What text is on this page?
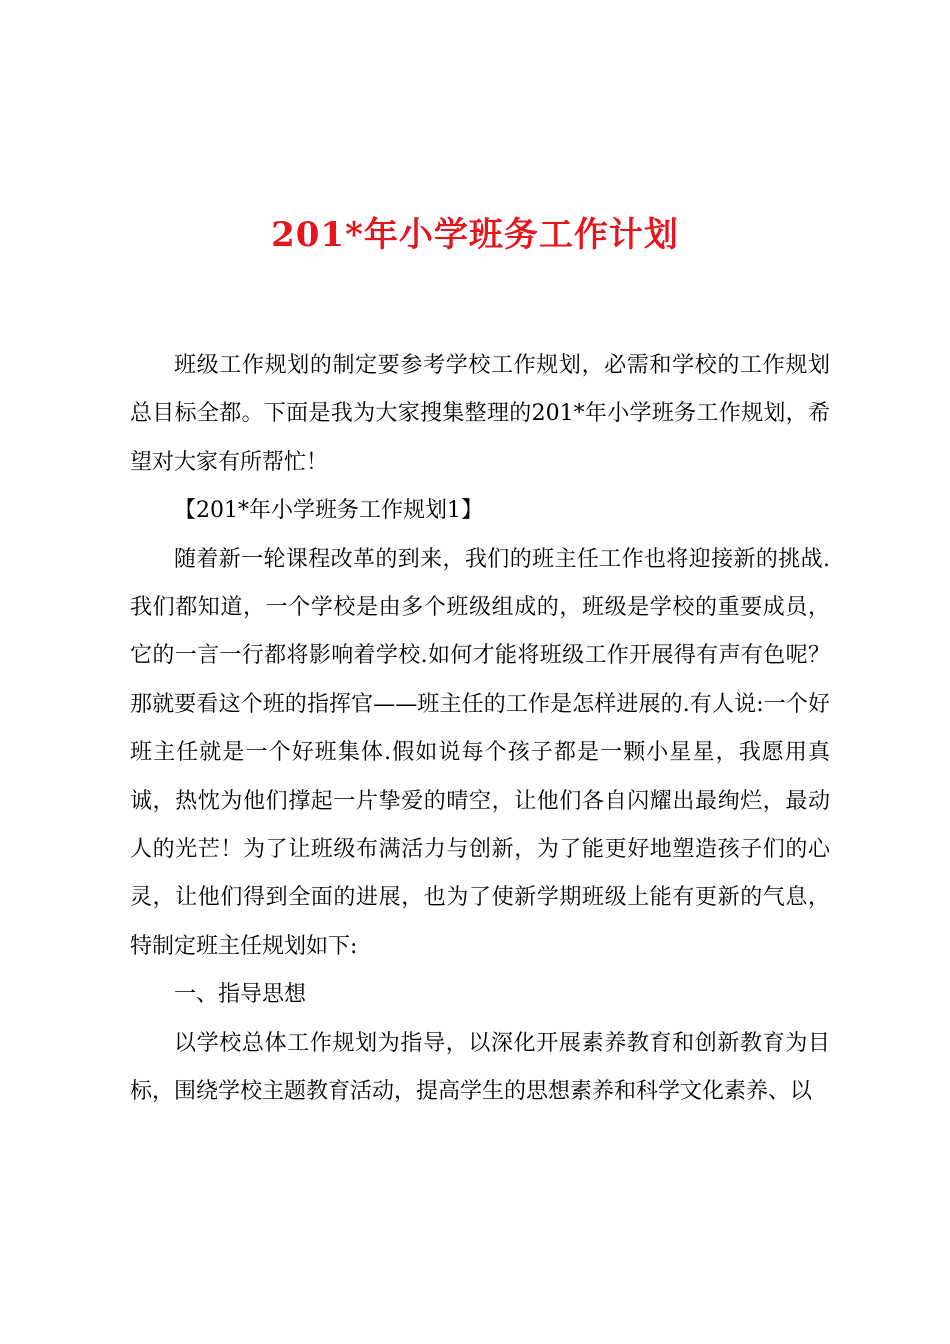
201*年小学班务工作计划

班级工作规划的制定要参考学校工作规划，必需和学校的工作规划总目标全都。下面是我为大家搜集整理的201*年小学班务工作规划，希望对大家有所帮忙！

【201*年小学班务工作规划1】

随着新一轮课程改革的到来，我们的班主任工作也将迎接新的挑战.我们都知道，一个学校是由多个班级组成的，班级是学校的重要成员，它的一言一行都将影响着学校.如何才能将班级工作开展得有声有色呢？那就要看这个班的指挥官——班主任的工作是怎样进展的.有人说:一个好班主任就是一个好班集体.假如说每个孩子都是一颗小星星，我愿用真诚，热忱为他们撑起一片挚爱的晴空，让他们各自闪耀出最绚烂，最动人的光芒！为了让班级布满活力与创新，为了能更好地塑造孩子们的心灵，让他们得到全面的进展，也为了使新学期班级上能有更新的气息，特制定班主任规划如下:

一、指导思想

以学校总体工作规划为指导，以深化开展素养教育和创新教育为目标，围绕学校主题教育活动，提高学生的思想素养和科学文化素养、以
